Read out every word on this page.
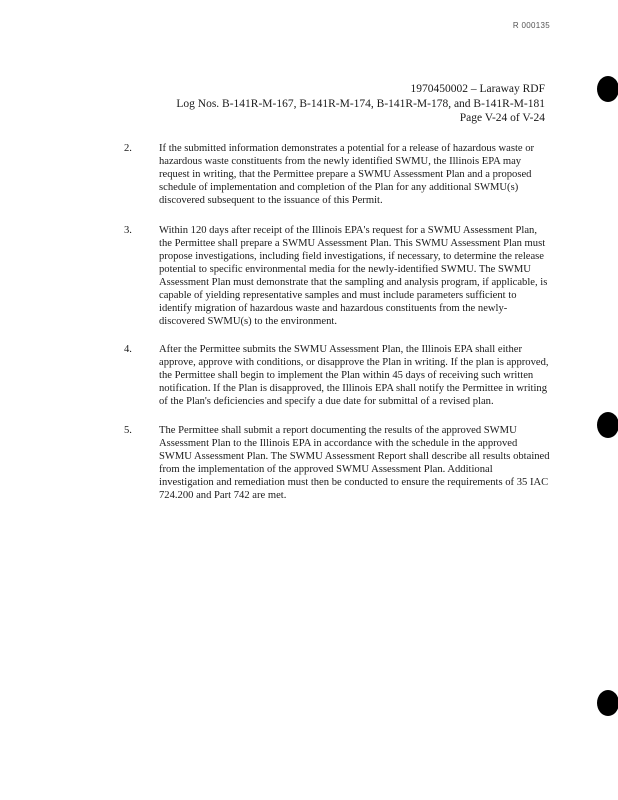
R 000135
1970450002 – Laraway RDF
Log Nos. B-141R-M-167, B-141R-M-174, B-141R-M-178, and B-141R-M-181
Page V-24 of V-24
2.	If the submitted information demonstrates a potential for a release of hazardous waste or hazardous waste constituents from the newly identified SWMU, the Illinois EPA may request in writing, that the Permittee prepare a SWMU Assessment Plan and a proposed schedule of implementation and completion of the Plan for any additional SWMU(s) discovered subsequent to the issuance of this Permit.
3.	Within 120 days after receipt of the Illinois EPA's request for a SWMU Assessment Plan, the Permittee shall prepare a SWMU Assessment Plan. This SWMU Assessment Plan must propose investigations, including field investigations, if necessary, to determine the release potential to specific environmental media for the newly-identified SWMU. The SWMU Assessment Plan must demonstrate that the sampling and analysis program, if applicable, is capable of yielding representative samples and must include parameters sufficient to identify migration of hazardous waste and hazardous constituents from the newly-discovered SWMU(s) to the environment.
4.	After the Permittee submits the SWMU Assessment Plan, the Illinois EPA shall either approve, approve with conditions, or disapprove the Plan in writing. If the plan is approved, the Permittee shall begin to implement the Plan within 45 days of receiving such written notification. If the Plan is disapproved, the Illinois EPA shall notify the Permittee in writing of the Plan's deficiencies and specify a due date for submittal of a revised plan.
5.	The Permittee shall submit a report documenting the results of the approved SWMU Assessment Plan to the Illinois EPA in accordance with the schedule in the approved SWMU Assessment Plan. The SWMU Assessment Report shall describe all results obtained from the implementation of the approved SWMU Assessment Plan. Additional investigation and remediation must then be conducted to ensure the requirements of 35 IAC 724.200 and Part 742 are met.
